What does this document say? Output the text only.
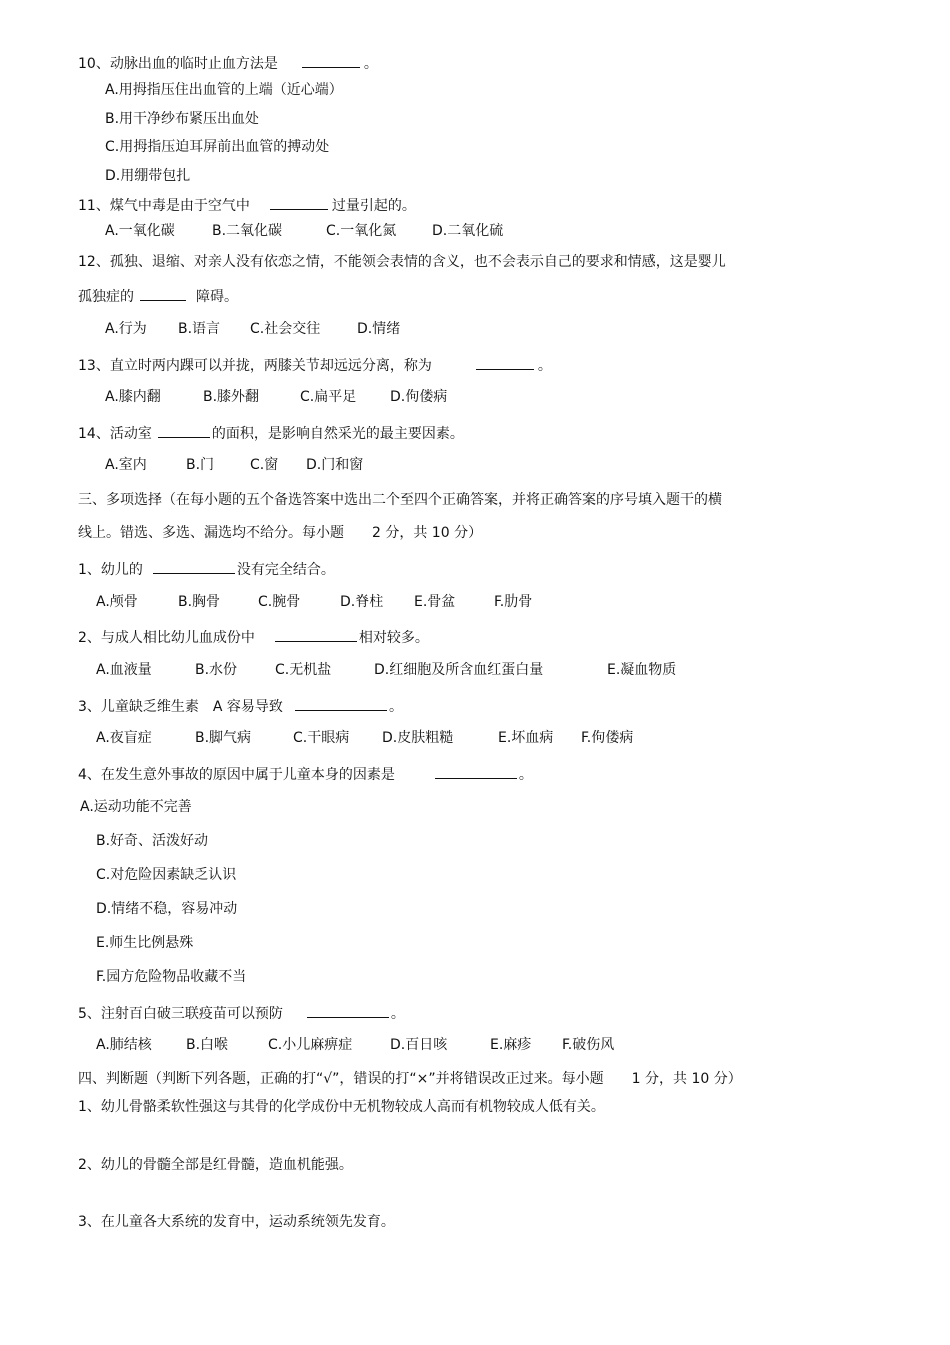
10、动脉出血的临时止血方法是	。
A.用拇指压住出血管的上端（近心端）
B.用干净纱布紧压出血处
C.用拇指压迫耳屏前出血管的搏动处
D.用绷带包扎
11、煤气中毒是由于空气中	过量引起的。
A.一氧化碳	B.二氧化碳	C.一氧化氮	D.二氧化硫
12、孤独、退缩、对亲人没有依恋之情，不能领会表情的含义，也不会表示自己的要求和情感，这是婴儿
孤独症的	障碍。
A.行为 B.语言 C.社会交往	D.情绪
13、直立时两内踝可以并拢，两膝关节却远远分离，称为	。
A.膝内翻	B.膝外翻	C.扁平足 D.佝偻病
14、活动室	的面积，是影响自然采光的最主要因素。
A.室内	B.门	C.窗 D.门和窗
三、多项选择（在每小题的五个备选答案中选出二个至四个正确答案，并将正确答案的序号填入题干的横
线上。错选、多选、漏选均不给分。每小题　　2 分，共 10 分）
1、幼儿的	没有完全结合。
A.颅骨	B.胸骨	C.腕骨	D.脊柱 E.骨盆	F.肋骨
2、与成人相比幼儿血成份中	相对较多。
A.血液量	B.水份	C.无机盐	D.红细胞及所含血红蛋白量	E.凝血物质
3、儿童缺乏维生素　A 容易导致	。
A.夜盲症	B.脚气病	C.干眼病 D.皮肤粗糙	E.坏血病 F.佝偻病
4、在发生意外事故的原因中属于儿童本身的因素是	。
A.运动功能不完善
B.好奇、活泼好动
C.对危险因素缺乏认识
D.情绪不稳，容易冲动
E.师生比例悬殊
F.园方危险物品收藏不当
5、注射百白破三联疫苗可以预防	。
A.肺结核 B.白喉	C.小儿麻痹症	D.百日咳	E.麻疹 F.破伤风
四、判断题（判断下列各题，正确的打“√”，错误的打“×”并将错误改正过来。每小题　　1 分，共 10 分）
1、幼儿骨骼柔软性强这与其骨的化学成份中无机物较成人高而有机物较成人低有关。
2、幼儿的骨髓全部是红骨髓，造血机能强。
3、在儿童各大系统的发育中，运动系统领先发育。
